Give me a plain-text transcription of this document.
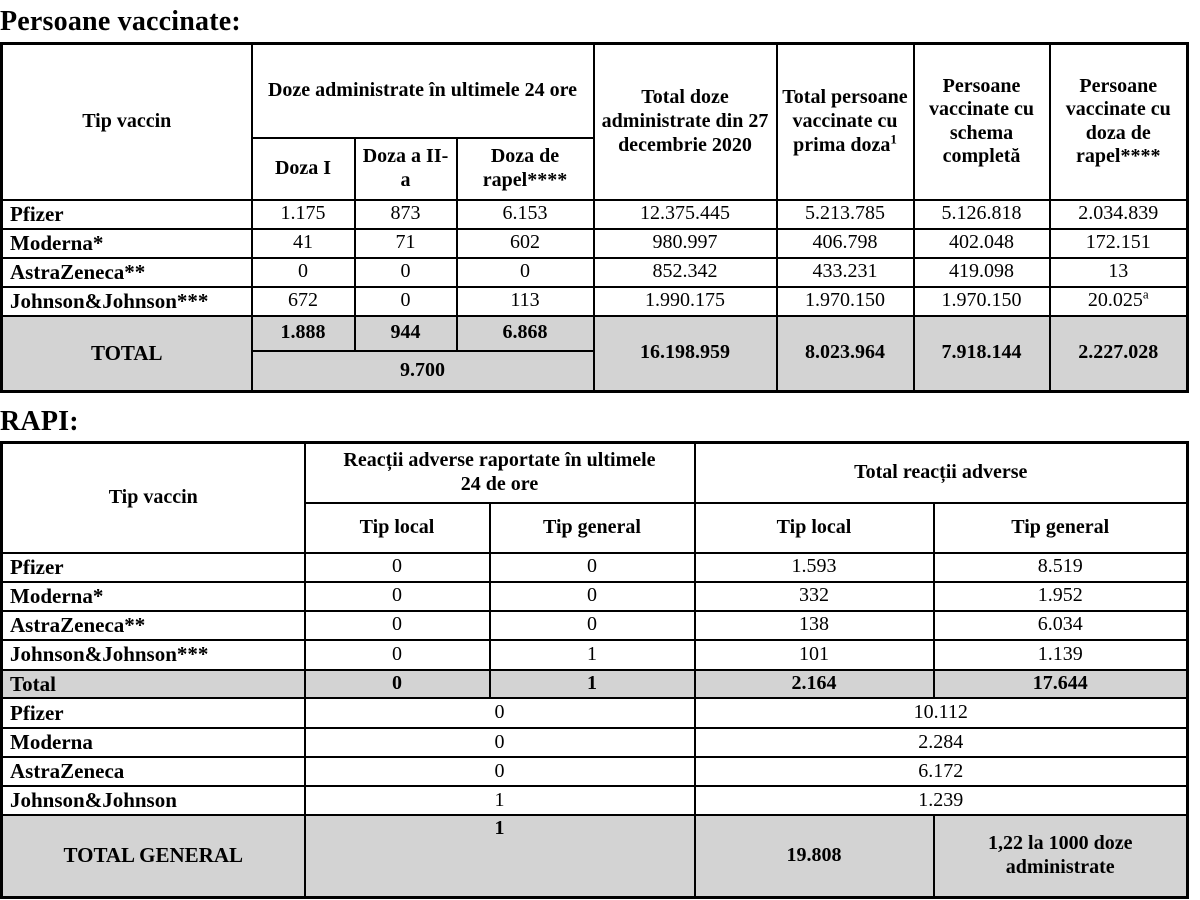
Persoane vaccinate:
Tip vaccin	Doze administrate în ultimele 24 ore			Total doze administrate din 27 decembrie 2020	Total persoane vaccinate cu prima doza$^1$	Persoane vaccinate cu schema completă	Persoane vaccinate cu doza de rapel****
	Doza I	Doza a II-a	Doza de rapel****				
Pfizer	1.175	873	6.153	12.375.445	5.213.785	5.126.818	2.034.839
Moderna*	41	71	602	980.997	406.798	402.048	172.151
AstraZeneca**	0	0	0	852.342	433.231	419.098	13
Johnson&Johnson***	672	0	113	1.990.175	1.970.150	1.970.150	20.025$^a$
TOTAL	1.888	944	6.868	16.198.959	8.023.964	7.918.144	2.227.028
	9.700						
RAPI:
Tip vaccin	Reacții adverse raportate în ultimele 24 de ore		Total reacții adverse	
	Tip local	Tip general	Tip local	Tip general
Pfizer	0	0	1.593	8.519
Moderna*	0	0	332	1.952
AstraZeneca**	0	0	138	6.034
Johnson&Johnson***	0	1	101	1.139
Total	0	1	2.164	17.644
Pfizer	0		10.112	
Moderna	0		2.284	
AstraZeneca	0		6.172	
Johnson&Johnson	1		1.239	
TOTAL GENERAL	1		19.808	1,22 la 1000 doze administrate
